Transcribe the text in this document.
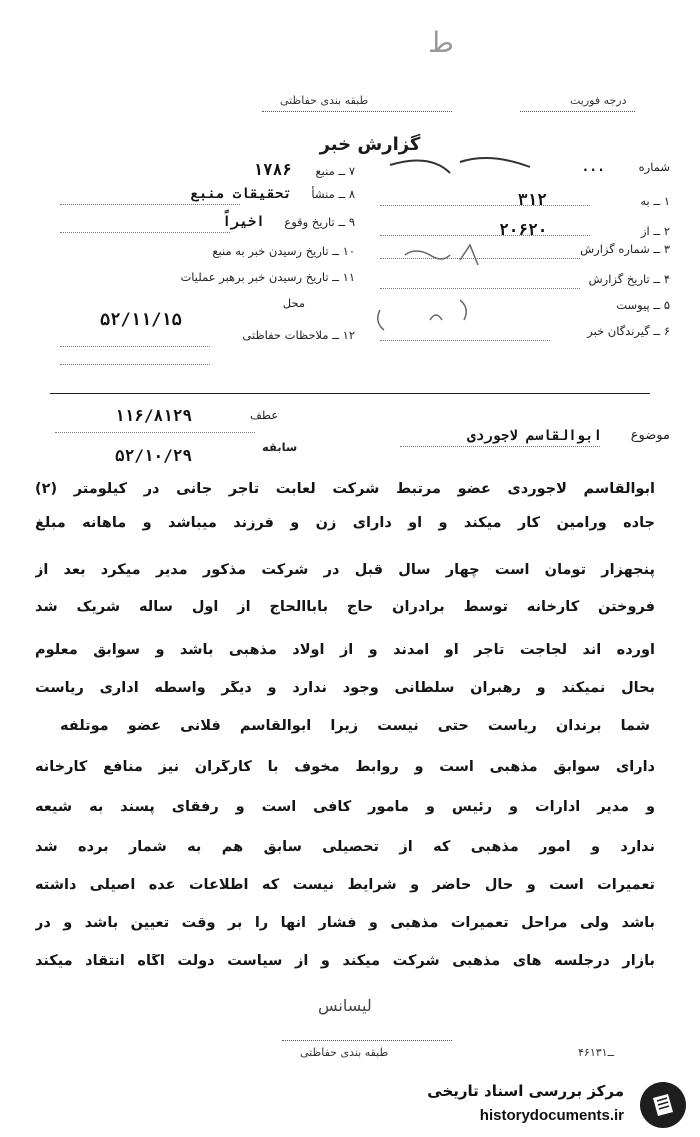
ط
طبقه بندی حفاظتی	درجه فوریت
گزارش خبر
شماره ...
۱ ــ به ۳۱۲
۲ ــ از ۲۰۶۲۰
۳ ــ شماره گزارش
۴ ــ تاریخ گزارش
۵ ــ پیوست
۶ ــ گیرندگان خبر
۷ ــ منبع ۱۷۸۶
۸ ــ منشأ تحقیقات منبع
۹ ــ تاریخ وقوع اخیراً
۱۰ ــ تاریخ رسیدن خبر به منبع
۱۱ ــ تاریخ رسیدن خبر برهبر عملیات
محل
۵۲/۱۱/۱۵
۱۲ ــ ملاحظات حفاظتی
عطف
۱۱۶/۸۱۲۹
سابقه
۵۲/۱۰/۲۹
موضوع
ابوالقاسم لاجوردی
ابوالقاسم لاجوردی عضو مرتبط شرکت لعابت تاجر جانی در کیلومتر (۲)
جاده ورامین کار میکند و او دارای زن و فرزند میباشد و ماهانه مبلغ
پنجهزار تومان است چهار سال قبل در شرکت مذکور مدیر میکرد بعد از
فروختن کارخانه توسط برادران حاج باباالحاج از اول ساله شریک شد
آورده اند لجاجت تاجر او آمدند و از اولاد مذهبی باشد و سوابق معلوم
بحال نمیکند و رهبران سلطانی وجود ندارد و دیگر واسطه اداری ریاست
شما برندان ریاست حتی نیست زیرا ابوالقاسم فلانی عضو موتلفه
دارای سوابق مذهبی است و روابط مخوف با کارگران نیز منافع کارخانه
و مدیر ادارات و رئیس و مأمور کافی است و رفقای پسند به شیعه
ندارد و امور مذهبی که از تحصیلی سابق هم به شمار برده شد
تعمیرات است و حال حاضر و شرایط نیست که اطلاعات عده اصیلی داشته
باشد ولی مراحل تعمیرات مذهبی و فشار آنها را بر وقت تعیین باشد و در
بازار درجلسه های مذهبی شرکت میکند و از سیاست دولت آگاه انتقاد میکند
لیسانس
طبقه بندی حفاظتی	۴۶ــ۱۳۱
مرکز بررسی اسناد تاریخی
historydocuments.ir
